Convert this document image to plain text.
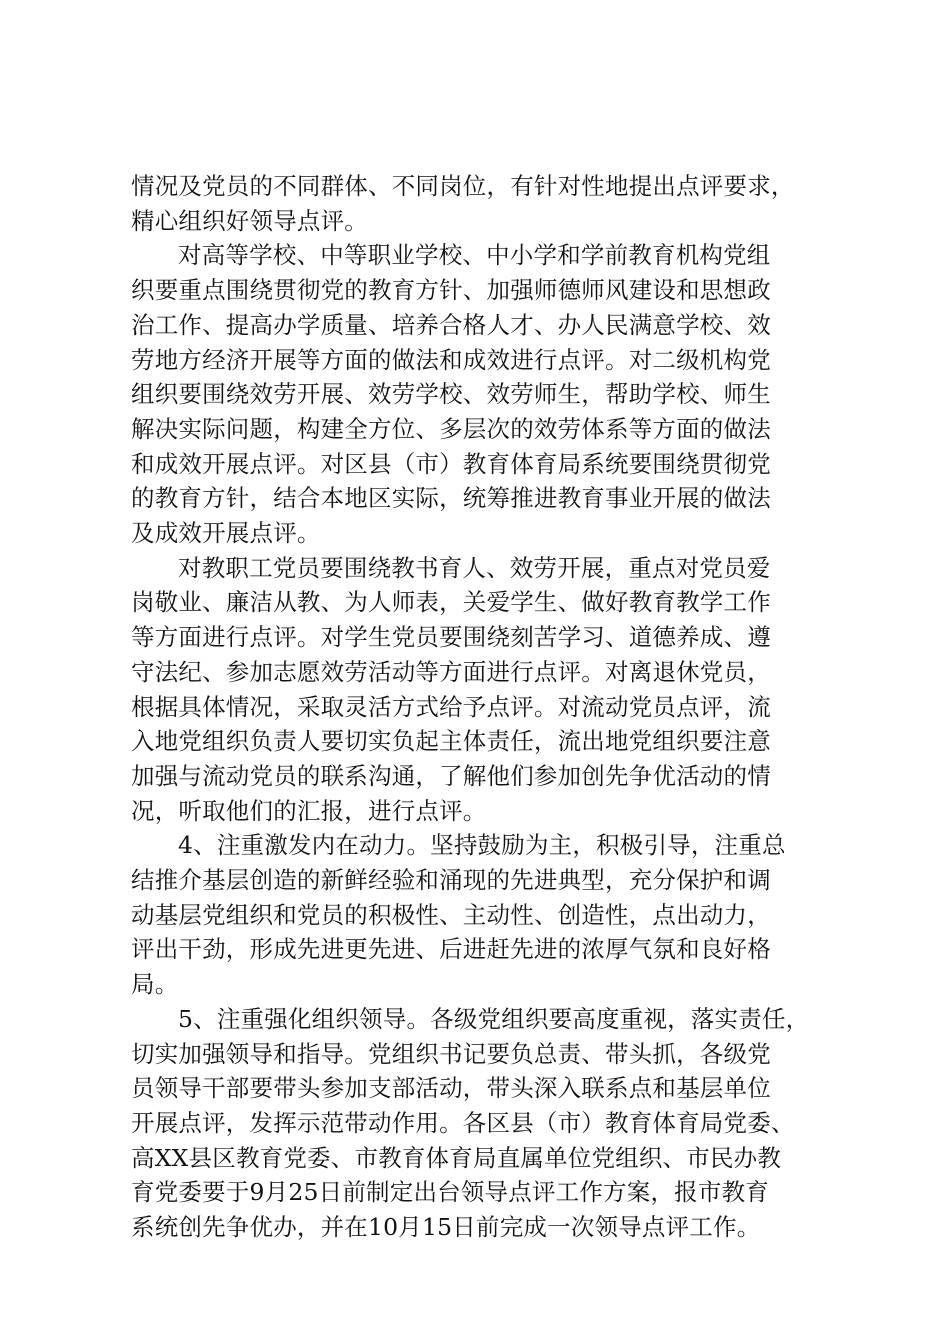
情况及党员的不同群体、不同岗位，有针对性地提出点评要求，
精心组织好领导点评。
对高等学校、中等职业学校、中小学和学前教育机构党组
织要重点围绕贯彻党的教育方针、加强师德师风建设和思想政
治工作、提高办学质量、培养合格人才、办人民满意学校、效
劳地方经济开展等方面的做法和成效进行点评。对二级机构党
组织要围绕效劳开展、效劳学校、效劳师生，帮助学校、师生
解决实际问题，构建全方位、多层次的效劳体系等方面的做法
和成效开展点评。对区县（市）教育体育局系统要围绕贯彻党
的教育方针，结合本地区实际，统筹推进教育事业开展的做法
及成效开展点评。
对教职工党员要围绕教书育人、效劳开展，重点对党员爱
岗敬业、廉洁从教、为人师表，关爱学生、做好教育教学工作
等方面进行点评。对学生党员要围绕刻苦学习、道德养成、遵
守法纪、参加志愿效劳活动等方面进行点评。对离退休党员，
根据具体情况，采取灵活方式给予点评。对流动党员点评，流
入地党组织负责人要切实负起主体责任，流出地党组织要注意
加强与流动党员的联系沟通，了解他们参加创先争优活动的情
况，听取他们的汇报，进行点评。
4、注重激发内在动力。坚持鼓励为主，积极引导，注重总
结推介基层创造的新鲜经验和涌现的先进典型，充分保护和调
动基层党组织和党员的积极性、主动性、创造性，点出动力，
评出干劲，形成先进更先进、后进赶先进的浓厚气氛和良好格
局。
5、注重强化组织领导。各级党组织要高度重视，落实责任，
切实加强领导和指导。党组织书记要负总责、带头抓，各级党
员领导干部要带头参加支部活动，带头深入联系点和基层单位
开展点评，发挥示范带动作用。各区县（市）教育体育局党委、
高XX县区教育党委、市教育体育局直属单位党组织、市民办教
育党委要于9月25日前制定出台领导点评工作方案，报市教育
系统创先争优办，并在10月15日前完成一次领导点评工作。
